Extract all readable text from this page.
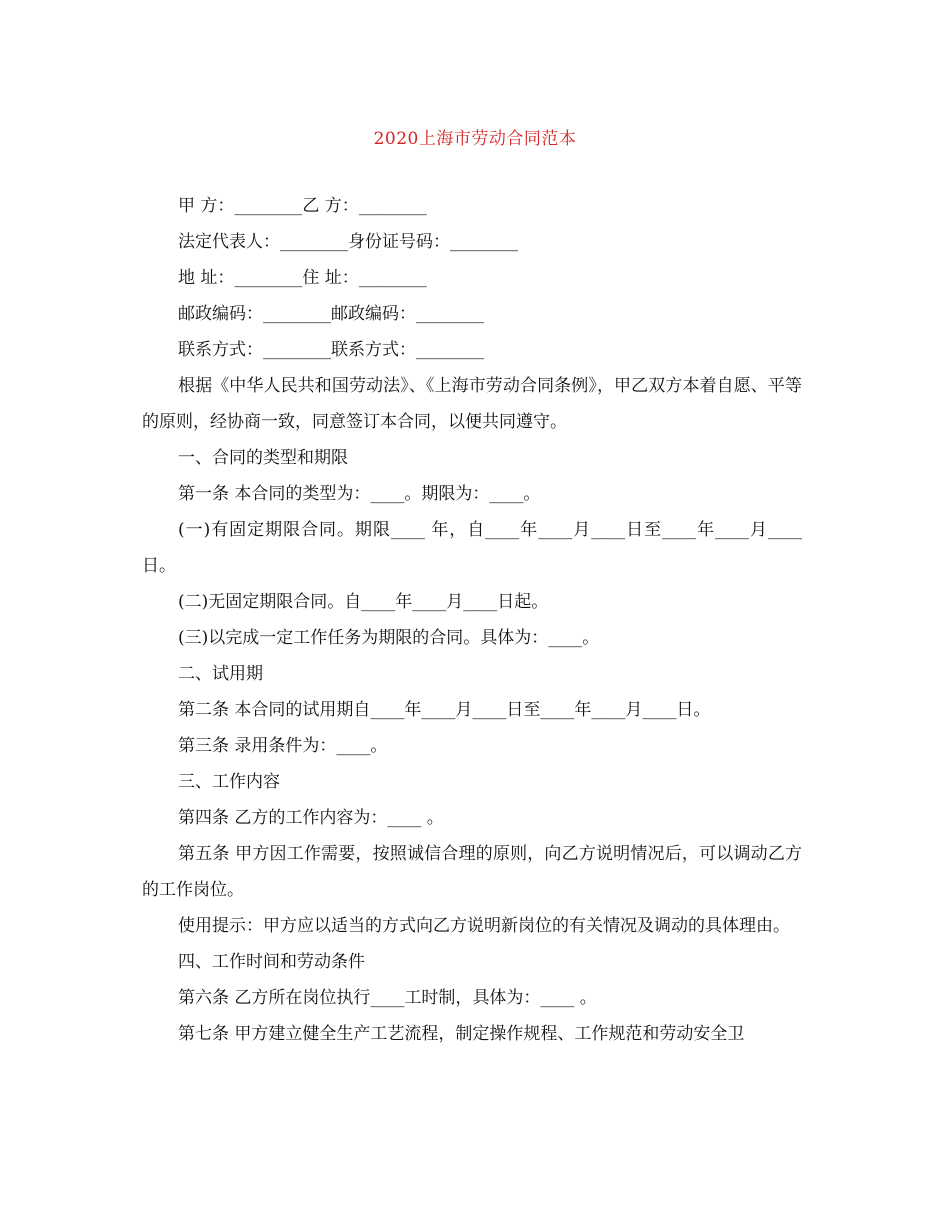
2020上海市劳动合同范本

甲 方：________乙 方：________

法定代表人：________身份证号码：________

地 址：________住 址：________

邮政编码：________邮政编码：________

联系方式：________联系方式：________

根据《中华人民共和国劳动法》、《上海市劳动合同条例》，甲乙双方本着自愿、平等的原则，经协商一致，同意签订本合同，以便共同遵守。

一、合同的类型和期限

第一条 本合同的类型为：____。期限为：____。

(一)有固定期限合同。期限____ 年，自____年____月____日至____年____月____日。

(二)无固定期限合同。自____年____月____日起。

(三)以完成一定工作任务为期限的合同。具体为：____。

二、试用期

第二条 本合同的试用期自____年____月____日至____年____月____日。

第三条 录用条件为：____。

三、工作内容

第四条 乙方的工作内容为：____ 。

第五条 甲方因工作需要，按照诚信合理的原则，向乙方说明情况后，可以调动乙方的工作岗位。

使用提示：甲方应以适当的方式向乙方说明新岗位的有关情况及调动的具体理由。

四、工作时间和劳动条件

第六条 乙方所在岗位执行____工时制，具体为：____ 。

第七条 甲方建立健全生产工艺流程，制定操作规程、工作规范和劳动安全卫
